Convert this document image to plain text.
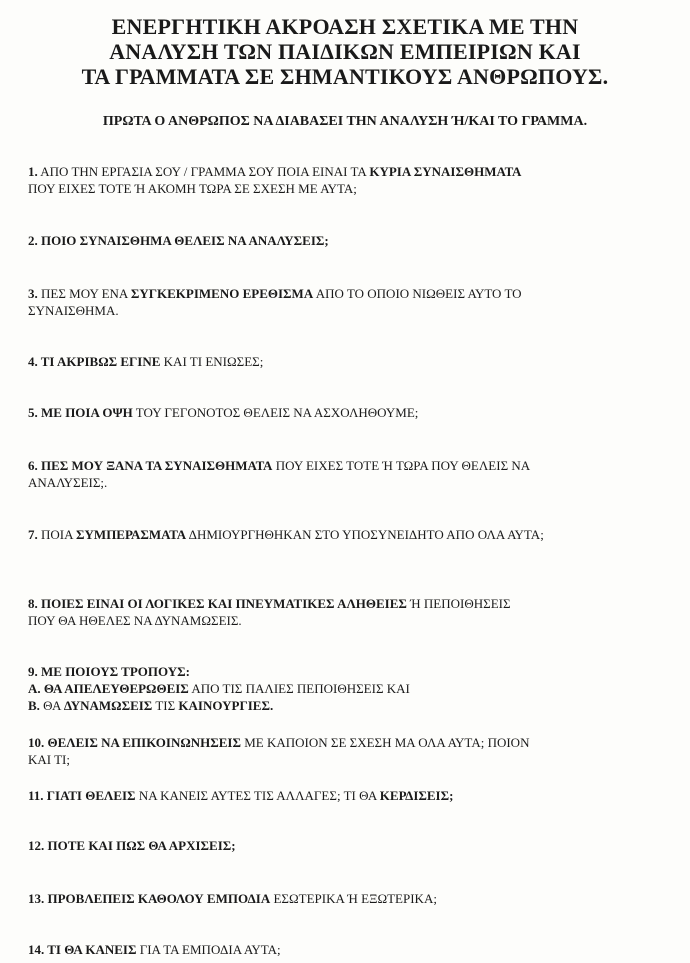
ΕΝΕΡΓΗΤΙΚΗ ΑΚΡΟΑΣΗ ΣΧΕΤΙΚΑ ΜΕ ΤΗΝ
ΑΝΑΛΥΣΗ ΤΩΝ ΠΑΙΔΙΚΩΝ ΕΜΠΕΙΡΙΩΝ ΚΑΙ
ΤΑ ΓΡΑΜΜΑΤΑ ΣΕ ΣΗΜΑΝΤΙΚΟΥΣ ΑΝΘΡΩΠΟΥΣ.

ΠΡΩΤΑ Ο ΑΝΘΡΩΠΟΣ ΝΑ ΔΙΑΒΑΣΕΙ ΤΗΝ ΑΝΑΛΥΣΗ Ή/ΚΑΙ ΤΟ ΓΡΑΜΜΑ.

1. ΑΠΟ ΤΗΝ ΕΡΓΑΣΙΑ ΣΟΥ / ΓΡΑΜΜΑ ΣΟΥ ΠΟΙΑ ΕΙΝΑΙ ΤΑ ΚΥΡΙΑ ΣΥΝΑΙΣΘΗΜΑΤΑ
ΠΟΥ ΕΙΧΕΣ ΤΟΤΕ Ή ΑΚΟΜΗ ΤΩΡΑ ΣΕ ΣΧΕΣΗ ΜΕ ΑΥΤΑ;

2. ΠΟΙΟ ΣΥΝΑΙΣΘΗΜΑ ΘΕΛΕΙΣ ΝΑ ΑΝΑΛΥΣΕΙΣ;

3. ΠΕΣ ΜΟΥ ΕΝΑ ΣΥΓΚΕΚΡΙΜΕΝΟ ΕΡΕΘΙΣΜΑ ΑΠΟ ΤΟ ΟΠΟΙΟ ΝΙΩΘΕΙΣ ΑΥΤΟ ΤΟ
ΣΥΝΑΙΣΘΗΜΑ.

4. ΤΙ ΑΚΡΙΒΩΣ ΕΓΙΝΕ ΚΑΙ ΤΙ ΕΝΙΩΣΕΣ;

5. ΜΕ ΠΟΙΑ ΟΨΗ ΤΟΥ ΓΕΓΟΝΟΤΟΣ ΘΕΛΕΙΣ ΝΑ ΑΣΧΟΛΗΘΟΥΜΕ;

6. ΠΕΣ ΜΟΥ ΞΑΝΑ ΤΑ ΣΥΝΑΙΣΘΗΜΑΤΑ ΠΟΥ ΕΙΧΕΣ ΤΟΤΕ Ή ΤΩΡΑ ΠΟΥ ΘΕΛΕΙΣ ΝΑ
ΑΝΑΛΥΣΕΙΣ;.

7. ΠΟΙΑ ΣΥΜΠΕΡΑΣΜΑΤΑ ΔΗΜΙΟΥΡΓΗΘΗΚΑΝ ΣΤΟ ΥΠΟΣΥΝΕΙΔΗΤΟ ΑΠΟ ΟΛΑ ΑΥΤΑ;

8. ΠΟΙΕΣ ΕΙΝΑΙ ΟΙ ΛΟΓΙΚΕΣ ΚΑΙ ΠΝΕΥΜΑΤΙΚΕΣ ΑΛΗΘΕΙΕΣ Ή ΠΕΠΟΙΘΗΣΕΙΣ
ΠΟΥ ΘΑ ΗΘΕΛΕΣ ΝΑ ΔΥΝΑΜΩΣΕΙΣ.

9. ΜΕ ΠΟΙΟΥΣ ΤΡΟΠΟΥΣ:
Α. ΘΑ ΑΠΕΛΕΥΘΕΡΩΘΕΙΣ ΑΠΟ ΤΙΣ ΠΑΛΙΕΣ ΠΕΠΟΙΘΗΣΕΙΣ ΚΑΙ
Β. ΘΑ ΔΥΝΑΜΩΣΕΙΣ ΤΙΣ ΚΑΙΝΟΥΡΓΙΕΣ.

10. ΘΕΛΕΙΣ ΝΑ ΕΠΙΚΟΙΝΩΝΗΣΕΙΣ ΜΕ ΚΑΠΟΙΟΝ ΣΕ ΣΧΕΣΗ ΜΑ ΟΛΑ ΑΥΤΑ; ΠΟΙΟΝ
ΚΑΙ ΤΙ;

11. ΓΙΑΤΙ ΘΕΛΕΙΣ ΝΑ ΚΑΝΕΙΣ ΑΥΤΕΣ ΤΙΣ ΑΛΛΑΓΕΣ; ΤΙ ΘΑ ΚΕΡΔΙΣΕΙΣ;

12. ΠΟΤΕ ΚΑΙ ΠΩΣ ΘΑ ΑΡΧΙΣΕΙΣ;

13. ΠΡΟΒΛΕΠΕΙΣ ΚΑΘΟΛΟΥ ΕΜΠΟΔΙΑ ΕΣΩΤΕΡΙΚΑ Ή ΕΞΩΤΕΡΙΚΑ;

14. ΤΙ ΘΑ ΚΑΝΕΙΣ ΓΙΑ ΤΑ ΕΜΠΟΔΙΑ ΑΥΤΑ;
